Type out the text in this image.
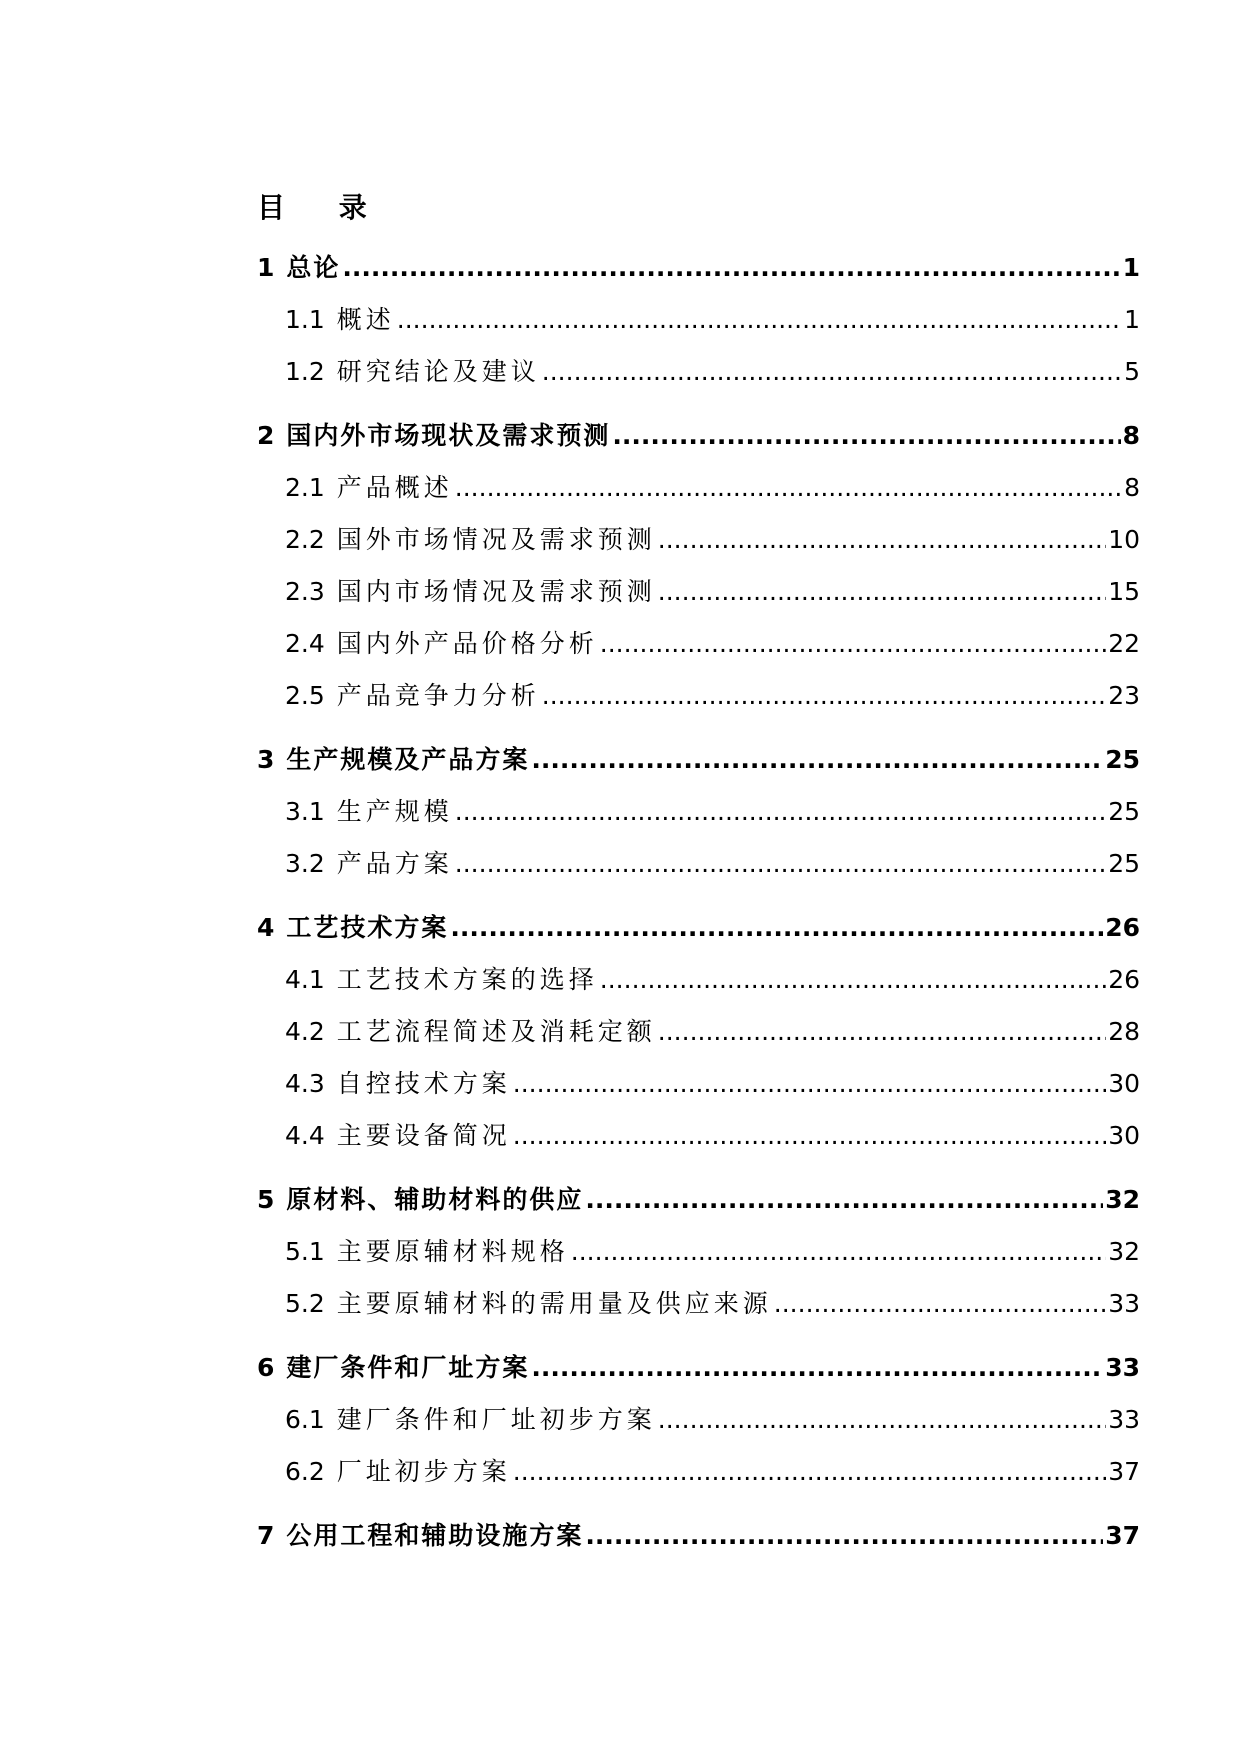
目 录
1 总论 .....	1
1.1 概述 .....	1
1.2 研究结论及建议 .....	5
2 国内外市场现状及需求预测 .....	8
2.1 产品概述 .....	8
2.2 国外市场情况及需求预测 .....	10
2.3 国内市场情况及需求预测 .....	15
2.4 国内外产品价格分析 .....	22
2.5 产品竞争力分析 .....	23
3 生产规模及产品方案 .....	25
3.1 生产规模 .....	25
3.2 产品方案 .....	25
4 工艺技术方案 .....	26
4.1 工艺技术方案的选择 .....	26
4.2 工艺流程简述及消耗定额 .....	28
4.3 自控技术方案 .....	30
4.4 主要设备简况 .....	30
5 原材料、辅助材料的供应 .....	32
5.1 主要原辅材料规格 .....	32
5.2 主要原辅材料的需用量及供应来源 .....	33
6 建厂条件和厂址方案 .....	33
6.1 建厂条件和厂址初步方案 .....	33
6.2 厂址初步方案 .....	37
7 公用工程和辅助设施方案 .....	37
